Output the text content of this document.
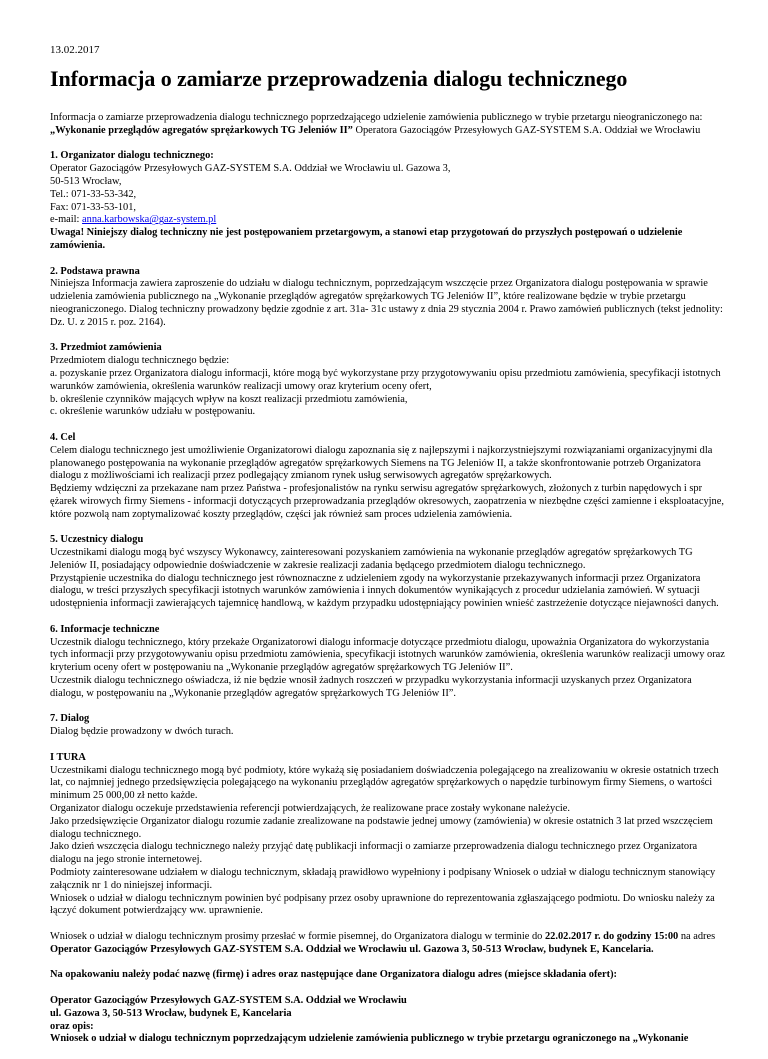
13.02.2017
Informacja o zamiarze przeprowadzenia dialogu technicznego

Informacja o zamiarze przeprowadzenia dialogu technicznego poprzedzającego udzielenie zamówienia publicznego w trybie przetargu nieograniczonego na:
„Wykonanie przeglądów agregatów sprężarkowych TG Jeleniów II” Operatora Gazociągów Przesyłowych GAZ-SYSTEM S.A. Oddział we Wrocławiu

1. Organizator dialogu technicznego:
Operator Gazociągów Przesyłowych GAZ-SYSTEM S.A. Oddział we Wrocławiu ul. Gazowa 3,
50-513 Wrocław,
Tel.: 071-33-53-342,
Fax: 071-33-53-101,
e-mail: anna.karbowska@gaz-system.pl
Uwaga! Niniejszy dialog techniczny nie jest postępowaniem przetargowym, a stanowi etap przygotowań do przyszłych postępowań o udzielenie zamówienia.

2. Podstawa prawna
Niniejsza Informacja zawiera zaproszenie do udziału w dialogu technicznym, poprzedzającym wszczęcie przez Organizatora dialogu postępowania w sprawie udzielenia zamówienia publicznego na „Wykonanie przeglądów agregatów sprężarkowych TG Jeleniów II”, które realizowane będzie w trybie przetargu nieograniczonego. Dialog techniczny prowadzony będzie zgodnie z art. 31a- 31c ustawy z dnia 29 stycznia 2004 r. Prawo zamówień publicznych (tekst jednolity: Dz. U. z 2015 r. poz. 2164).

3. Przedmiot zamówienia
Przedmiotem dialogu technicznego będzie:
a. pozyskanie przez Organizatora dialogu informacji, które mogą być wykorzystane przy przygotowywaniu opisu przedmiotu zamówienia, specyfikacji istotnych warunków zamówienia, określenia warunków realizacji umowy oraz kryterium oceny ofert,
b. określenie czynników mających wpływ na koszt realizacji przedmiotu zamówienia,
c. określenie warunków udziału w postępowaniu.

4. Cel
Celem dialogu technicznego jest umożliwienie Organizatorowi dialogu zapoznania się z najlepszymi i najkorzystniejszymi rozwiązaniami organizacyjnymi dla planowanego postępowania na wykonanie przeglądów agregatów sprężarkowych Siemens na TG Jeleniów II, a także skonfrontowanie potrzeb Organizatora dialogu z możliwościami ich realizacji przez podlegający zmianom rynek usług serwisowych agregatów sprężarkowych.
Będziemy wdzięczni za przekazane nam przez Państwa - profesjonalistów na rynku serwisu agregatów sprężarkowych, złożonych z turbin napędowych i spr ężarek wirowych firmy Siemens - informacji dotyczących przeprowadzania przeglądów okresowych, zaopatrzenia w niezbędne części zamienne i eksploatacyjne, które pozwolą nam zoptymalizować koszty przeglądów, części jak również sam proces udzielenia zamówienia.

5. Uczestnicy dialogu
Uczestnikami dialogu mogą być wszyscy Wykonawcy, zainteresowani pozyskaniem zamówienia na wykonanie przeglądów agregatów sprężarkowych TG Jeleniów II, posiadający odpowiednie doświadczenie w zakresie realizacji zadania będącego przedmiotem dialogu technicznego.
Przystąpienie uczestnika do dialogu technicznego jest równoznaczne z udzieleniem zgody na wykorzystanie przekazywanych informacji przez Organizatora dialogu, w treści przyszłych specyfikacji istotnych warunków zamówienia i innych dokumentów wynikających z procedur udzielania zamówień. W sytuacji udostępnienia informacji zawierających tajemnicę handlową, w każdym przypadku udostępniający powinien wnieść zastrzeżenie dotyczące niejawności danych.

6. Informacje techniczne
Uczestnik dialogu technicznego, który przekaże Organizatorowi dialogu informacje dotyczące przedmiotu dialogu, upoważnia Organizatora do wykorzystania tych informacji przy przygotowywaniu opisu przedmiotu zamówienia, specyfikacji istotnych warunków zamówienia, określenia warunków realizacji umowy oraz kryterium oceny ofert w postępowaniu na „Wykonanie przeglądów agregatów sprężarkowych TG Jeleniów II”.
Uczestnik dialogu technicznego oświadcza, iż nie będzie wnosił żadnych roszczeń w przypadku wykorzystania informacji uzyskanych przez Organizatora dialogu, w postępowaniu na „Wykonanie przeglądów agregatów sprężarkowych TG Jeleniów II”.

7. Dialog
Dialog będzie prowadzony w dwóch turach.

I TURA
Uczestnikami dialogu technicznego mogą być podmioty, które wykażą się posiadaniem doświadczenia polegającego na zrealizowaniu w okresie ostatnich trzech lat, co najmniej jednego przedsięwzięcia polegającego na wykonaniu przeglądów agregatów sprężarkowych o napędzie turbinowym firmy Siemens, o wartości minimum 25 000,00 zł netto każde.
Organizator dialogu oczekuje przedstawienia referencji potwierdzających, że realizowane prace zostały wykonane należycie.
Jako przedsięwzięcie Organizator dialogu rozumie zadanie zrealizowane na podstawie jednej umowy (zamówienia) w okresie ostatnich 3 lat przed wszczęciem dialogu technicznego.
Jako dzień wszczęcia dialogu technicznego należy przyjąć datę publikacji informacji o zamiarze przeprowadzenia dialogu technicznego przez Organizatora dialogu na jego stronie internetowej.
Podmioty zainteresowane udziałem w dialogu technicznym, składają prawidłowo wypełniony i podpisany Wniosek o udział w dialogu technicznym stanowiący załącznik nr 1 do niniejszej informacji.
Wniosek o udział w dialogu technicznym powinien być podpisany przez osoby uprawnione do reprezentowania zgłaszającego podmiotu. Do wniosku należy za łączyć dokument potwierdzający ww. uprawnienie.

Wniosek o udział w dialogu technicznym prosimy przesłać w formie pisemnej, do Organizatora dialogu w terminie do 22.02.2017 r. do godziny 15:00 na adres Operator Gazociągów Przesyłowych GAZ-SYSTEM S.A. Oddział we Wrocławiu ul. Gazowa 3, 50-513 Wrocław, budynek E, Kancelaria.

Na opakowaniu należy podać nazwę (firmę) i adres oraz następujące dane Organizatora dialogu adres (miejsce składania ofert):

Operator Gazociągów Przesyłowych GAZ-SYSTEM S.A. Oddział we Wrocławiu
ul. Gazowa 3, 50-513 Wrocław, budynek E, Kancelaria
oraz opis:
Wniosek o udział w dialogu technicznym poprzedzającym udzielenie zamówienia publicznego w trybie przetargu ograniczonego na „Wykonanie
